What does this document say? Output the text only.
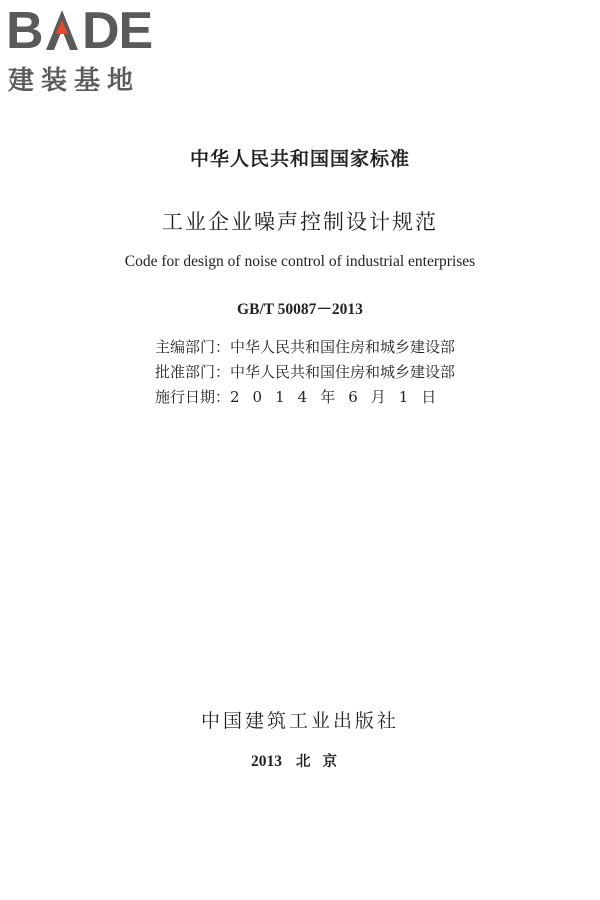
B DE
建装基地
中华人民共和国国家标准
工业企业噪声控制设计规范
Code for design of noise control of industrial enterprises
GB/T 50087－2013
主编部门：中华人民共和国住房和城乡建设部
批准部门：中华人民共和国住房和城乡建设部
施行日期：2014年6月1日
中国建筑工业出版社
2013 北京
